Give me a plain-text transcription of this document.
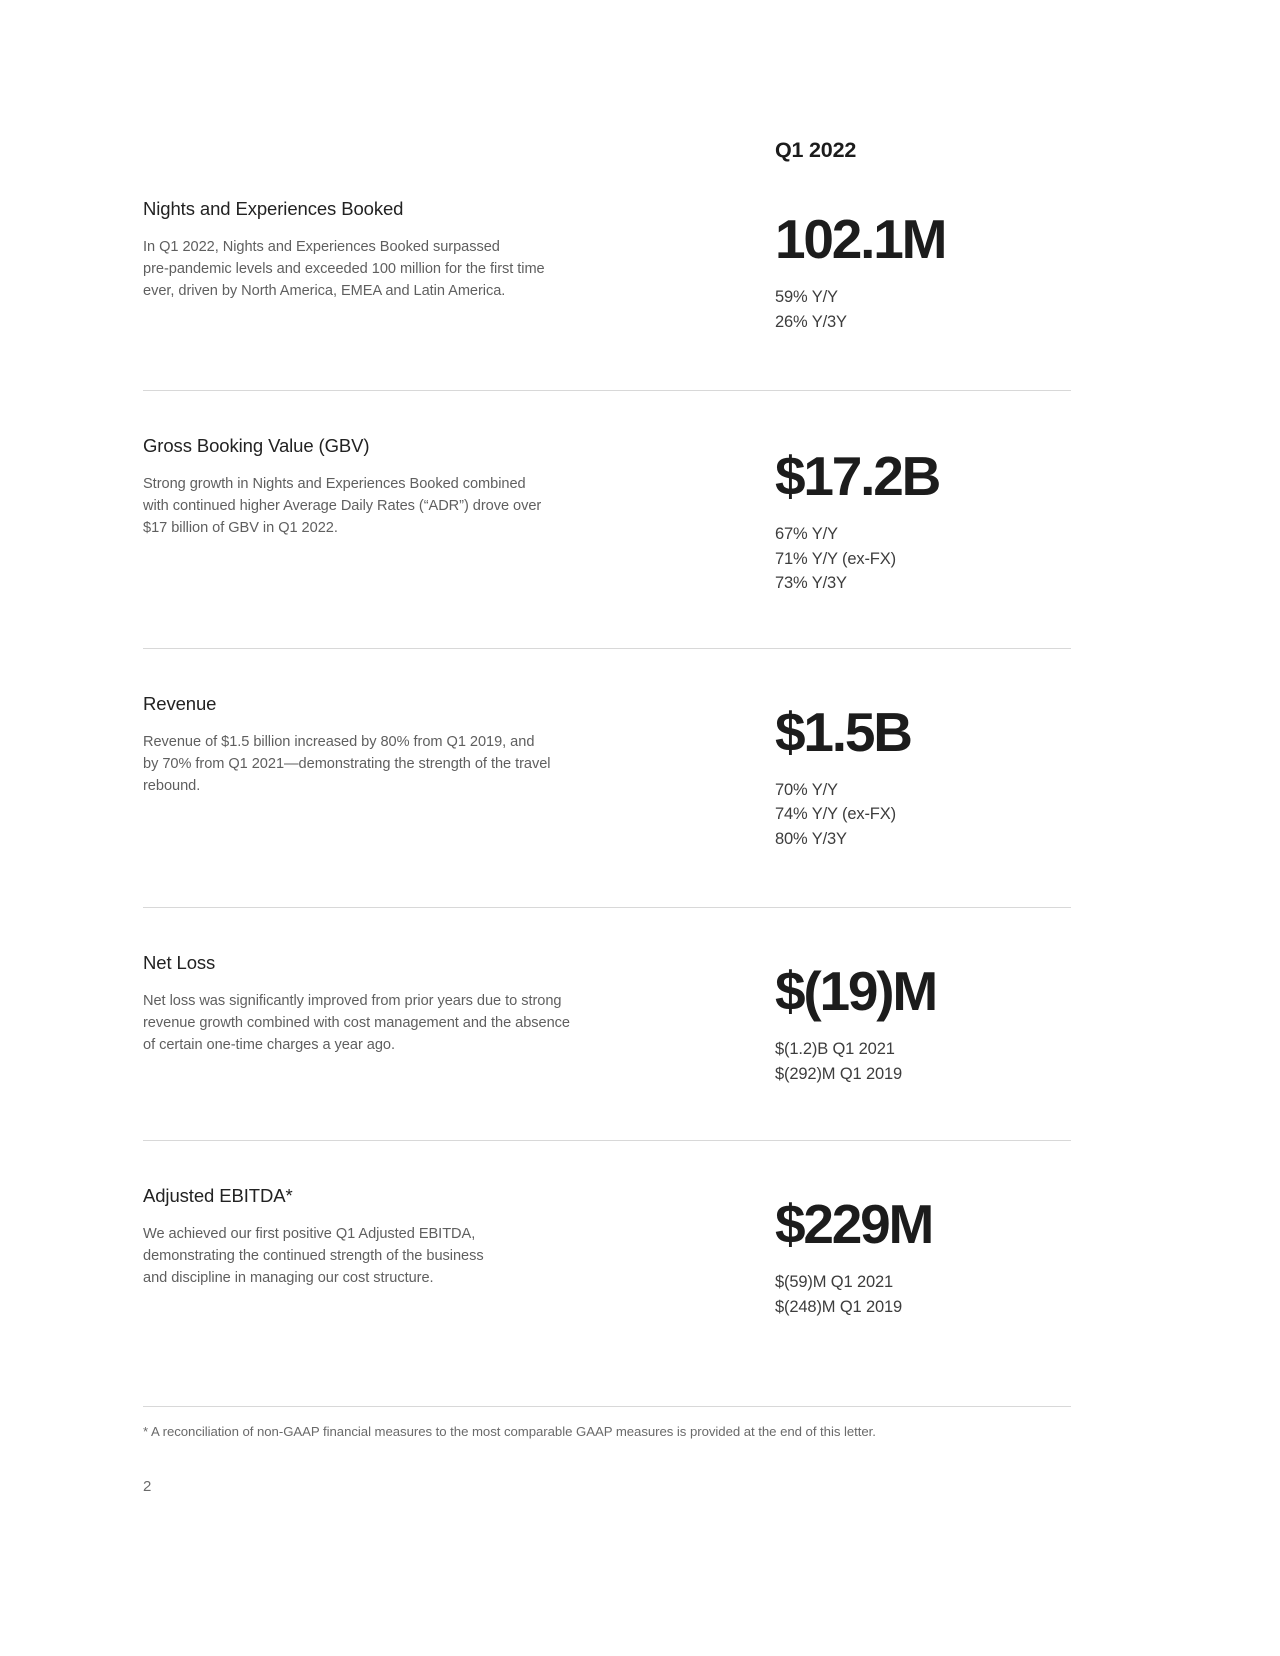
Q1 2022
Nights and Experiences Booked

In Q1 2022, Nights and Experiences Booked surpassed
pre-pandemic levels and exceeded 100 million for the first time
ever, driven by North America, EMEA and Latin America.

102.1M
59% Y/Y
26% Y/3Y
Gross Booking Value (GBV)

Strong growth in Nights and Experiences Booked combined
with continued higher Average Daily Rates (“ADR”) drove over
$17 billion of GBV in Q1 2022.

$17.2B
67% Y/Y
71% Y/Y (ex-FX)
73% Y/3Y
Revenue

Revenue of $1.5 billion increased by 80% from Q1 2019, and
by 70% from Q1 2021—demonstrating the strength of the travel
rebound.

$1.5B
70% Y/Y
74% Y/Y (ex-FX)
80% Y/3Y
Net Loss

Net loss was significantly improved from prior years due to strong
revenue growth combined with cost management and the absence
of certain one-time charges a year ago.

$(19)M
$(1.2)B Q1 2021
$(292)M Q1 2019
Adjusted EBITDA*

We achieved our first positive Q1 Adjusted EBITDA,
demonstrating the continued strength of the business
and discipline in managing our cost structure.

$229M
$(59)M Q1 2021
$(248)M Q1 2019
* A reconciliation of non-GAAP financial measures to the most comparable GAAP measures is provided at the end of this letter.
2
